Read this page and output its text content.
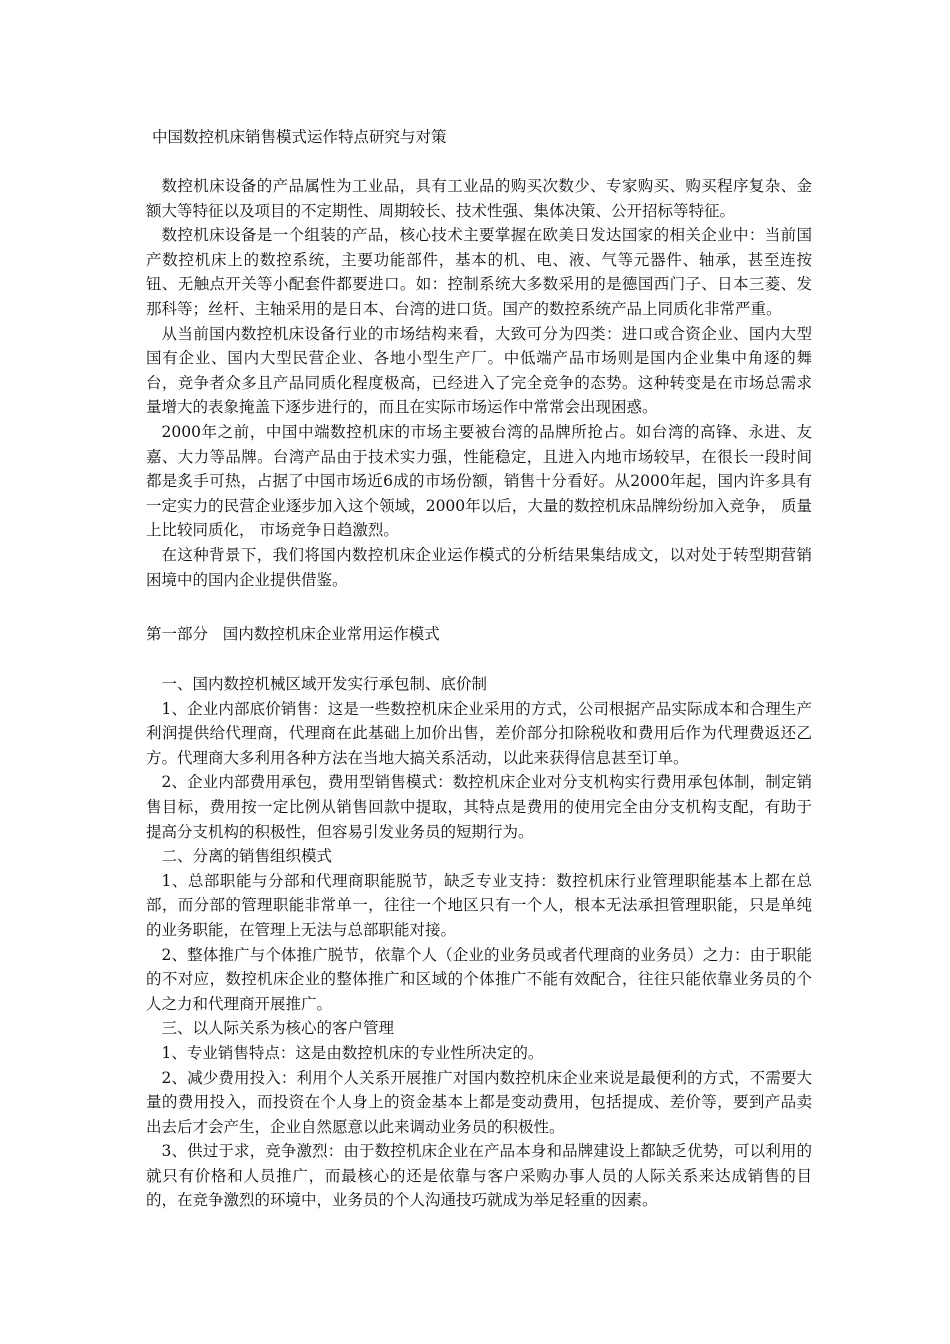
中国数控机床销售模式运作特点研究与对策

数控机床设备的产品属性为工业品，具有工业品的购买次数少、专家购买、购买程序复杂、金额大等特征以及项目的不定期性、周期较长、技术性强、集体决策、公开招标等特征。

数控机床设备是一个组装的产品，核心技术主要掌握在欧美日发达国家的相关企业中：当前国产数控机床上的数控系统，主要功能部件，基本的机、电、液、气等元器件、轴承，甚至连按钮、无触点开关等小配套件都要进口。如：控制系统大多数采用的是德国西门子、日本三菱、发那科等；丝杆、主轴采用的是日本、台湾的进口货。国产的数控系统产品上同质化非常严重。

从当前国内数控机床设备行业的市场结构来看，大致可分为四类：进口或合资企业、国内大型国有企业、国内大型民营企业、各地小型生产厂。中低端产品市场则是国内企业集中角逐的舞台，竞争者众多且产品同质化程度极高，已经进入了完全竞争的态势。这种转变是在市场总需求量增大的表象掩盖下逐步进行的，而且在实际市场运作中常常会出现困惑。

2000年之前，中国中端数控机床的市场主要被台湾的品牌所抢占。如台湾的高锋、永进、友嘉、大力等品牌。台湾产品由于技术实力强，性能稳定，且进入内地市场较早，在很长一段时间都是炙手可热，占据了中国市场近6成的市场份额，销售十分看好。从2000年起，国内许多具有一定实力的民营企业逐步加入这个领域，2000年以后，大量的数控机床品牌纷纷加入竞争， 质量上比较同质化， 市场竞争日趋激烈。

在这种背景下，我们将国内数控机床企业运作模式的分析结果集结成文，以对处于转型期营销困境中的国内企业提供借鉴。

第一部分   国内数控机床企业常用运作模式

一、国内数控机械区域开发实行承包制、底价制

1、企业内部底价销售：这是一些数控机床企业采用的方式，公司根据产品实际成本和合理生产利润提供给代理商，代理商在此基础上加价出售，差价部分扣除税收和费用后作为代理费返还乙方。代理商大多利用各种方法在当地大搞关系活动，以此来获得信息甚至订单。

2、企业内部费用承包，费用型销售模式：数控机床企业对分支机构实行费用承包体制，制定销售目标，费用按一定比例从销售回款中提取，其特点是费用的使用完全由分支机构支配，有助于提高分支机构的积极性，但容易引发业务员的短期行为。

二、分离的销售组织模式

1、总部职能与分部和代理商职能脱节，缺乏专业支持：数控机床行业管理职能基本上都在总部，而分部的管理职能非常单一，往往一个地区只有一个人，根本无法承担管理职能，只是单纯的业务职能，在管理上无法与总部职能对接。

2、整体推广与个体推广脱节，依靠个人（企业的业务员或者代理商的业务员）之力：由于职能的不对应，数控机床企业的整体推广和区域的个体推广不能有效配合，往往只能依靠业务员的个人之力和代理商开展推广。

三、以人际关系为核心的客户管理

1、专业销售特点：这是由数控机床的专业性所决定的。

2、减少费用投入：利用个人关系开展推广对国内数控机床企业来说是最便利的方式，不需要大量的费用投入，而投资在个人身上的资金基本上都是变动费用，包括提成、差价等，要到产品卖出去后才会产生，企业自然愿意以此来调动业务员的积极性。

3、供过于求，竞争激烈：由于数控机床企业在产品本身和品牌建设上都缺乏优势，可以利用的就只有价格和人员推广，而最核心的还是依靠与客户采购办事人员的人际关系来达成销售的目的，在竞争激烈的环境中，业务员的个人沟通技巧就成为举足轻重的因素。
